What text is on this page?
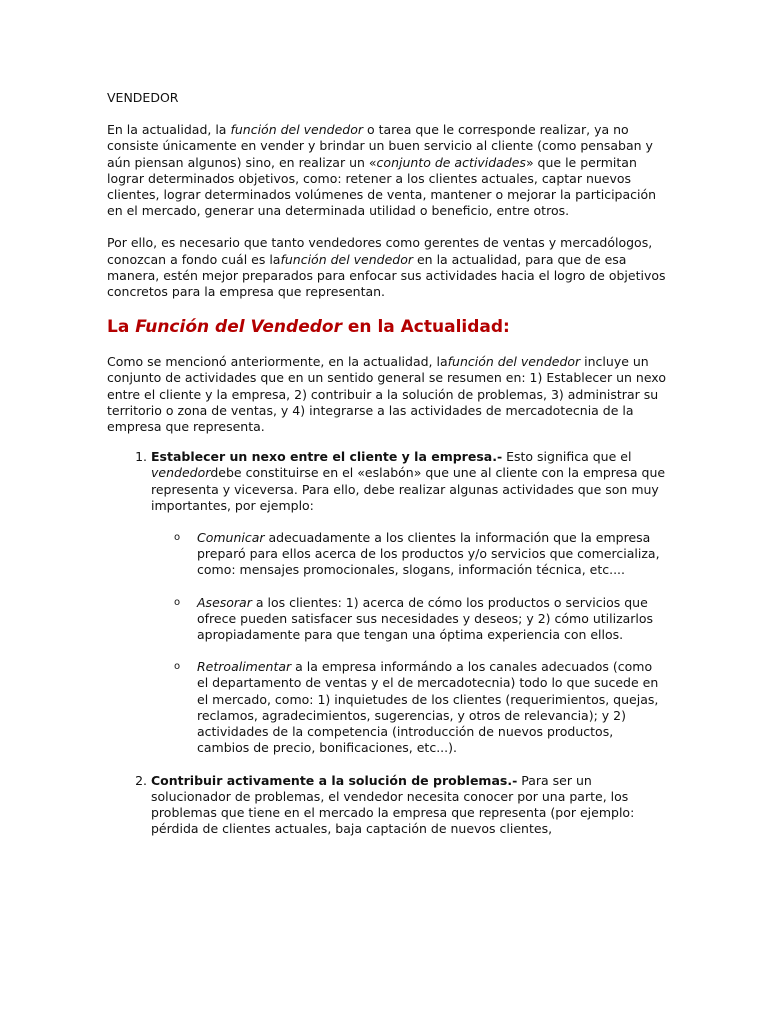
VENDEDOR

En la actualidad, la función del vendedor o tarea que le corresponde realizar, ya no consiste únicamente en vender y brindar un buen servicio al cliente (como pensaban y aún piensan algunos) sino, en realizar un «conjunto de actividades» que le permitan lograr determinados objetivos, como: retener a los clientes actuales, captar nuevos clientes, lograr determinados volúmenes de venta, mantener o mejorar la participación en el mercado, generar una determinada utilidad o beneficio, entre otros.

Por ello, es necesario que tanto vendedores como gerentes de ventas y mercadólogos, conozcan a fondo cuál es lafunción del vendedor en la actualidad, para que de esa manera, estén mejor preparados para enfocar sus actividades hacia el logro de objetivos concretos para la empresa que representan.

La Función del Vendedor en la Actualidad:

Como se mencionó anteriormente, en la actualidad, lafunción del vendedor incluye un conjunto de actividades que en un sentido general se resumen en: 1) Establecer un nexo entre el cliente y la empresa, 2) contribuir a la solución de problemas, 3) administrar su territorio o zona de ventas, y 4) integrarse a las actividades de mercadotecnia de la empresa que representa.

1. Establecer un nexo entre el cliente y la empresa.- Esto significa que el vendedordebe constituirse en el «eslabón» que une al cliente con la empresa que representa y viceversa. Para ello, debe realizar algunas actividades que son muy importantes, por ejemplo:
o Comunicar adecuadamente a los clientes la información que la empresa preparó para ellos acerca de los productos y/o servicios que comercializa, como: mensajes promocionales, slogans, información técnica, etc....
o Asesorar a los clientes: 1) acerca de cómo los productos o servicios que ofrece pueden satisfacer sus necesidades y deseos; y 2) cómo utilizarlos apropiadamente para que tengan una óptima experiencia con ellos.
o Retroalimentar a la empresa informándo a los canales adecuados (como el departamento de ventas y el de mercadotecnia) todo lo que sucede en el mercado, como: 1) inquietudes de los clientes (requerimientos, quejas, reclamos, agradecimientos, sugerencias, y otros de relevancia); y 2) actividades de la competencia (introducción de nuevos productos, cambios de precio, bonificaciones, etc...).
2. Contribuir activamente a la solución de problemas.- Para ser un solucionador de problemas, el vendedor necesita conocer por una parte, los problemas que tiene en el mercado la empresa que representa (por ejemplo: pérdida de clientes actuales, baja captación de nuevos clientes,
